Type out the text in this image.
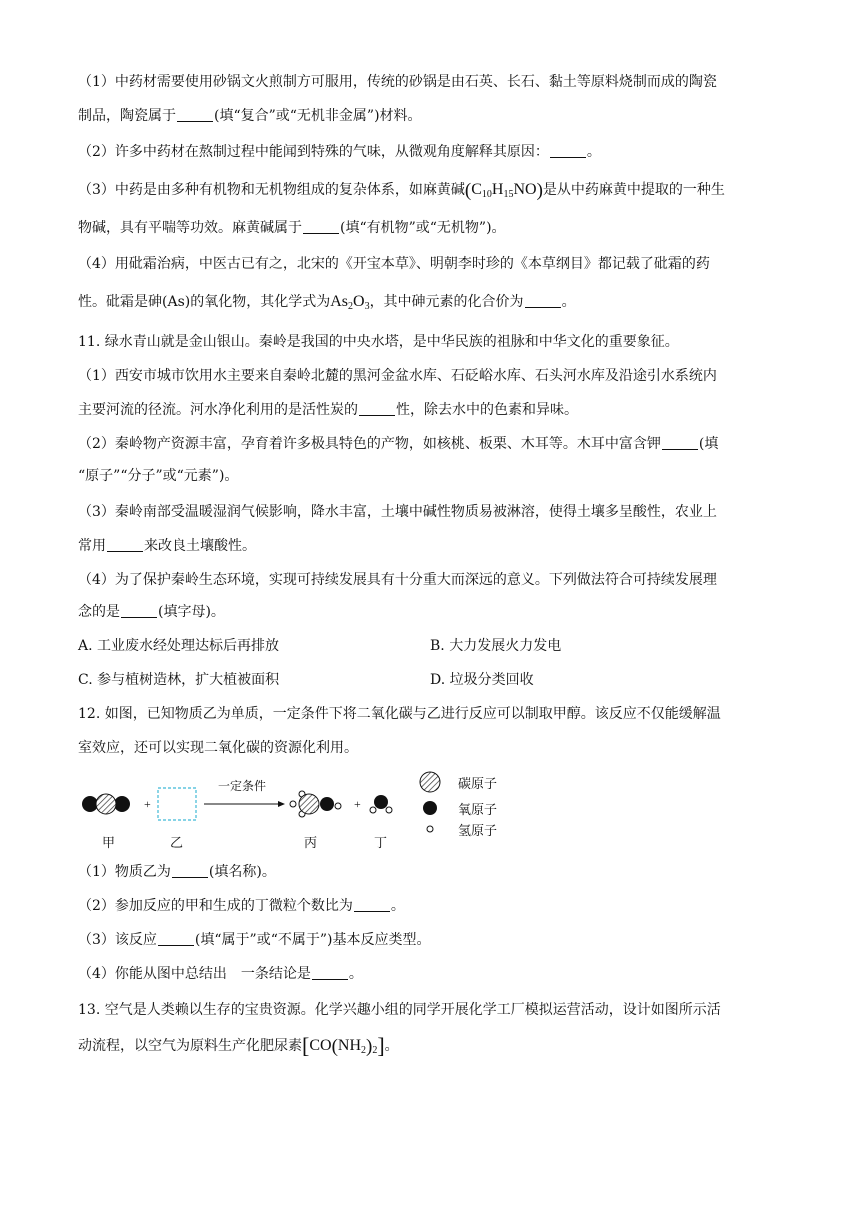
（1）中药材需要使用砂锅文火煎制方可服用，传统的砂锅是由石英、长石、黏土等原料烧制而成的陶瓷
制品，陶瓷属于	(填“复合”或“无机非金属”)材料。
（2）许多中药材在熬制过程中能闻到特殊的气味，从微观角度解释其原因：	。
（3）中药是由多种有机物和无机物组成的复杂体系，如麻黄碱$(C_{10}H_{15}NO)$是从中药麻黄中提取的一种生
物碱，具有平喘等功效。麻黄碱属于	(填“有机物”或“无机物”)。
（4）用砒霜治病，中医古已有之，北宋的《开宝本草》、明朝李时珍的《本草纲目》都记载了砒霜的药
性。砒霜是砷(As)的氧化物，其化学式为$As_2O_3$，其中砷元素的化合价为	。
11. 绿水青山就是金山银山。秦岭是我国的中央水塔，是中华民族的祖脉和中华文化的重要象征。
（1）西安市城市饮用水主要来自秦岭北麓的黑河金盆水库、石砭峪水库、石头河水库及沿途引水系统内
主要河流的径流。河水净化利用的是活性炭的	性，除去水中的色素和异味。
（2）秦岭物产资源丰富，孕育着许多极具特色的产物，如核桃、板栗、木耳等。木耳中富含钾	(填
“原子”“分子”或“元素”)。
（3）秦岭南部受温暖湿润气候影响，降水丰富，土壤中碱性物质易被淋溶，使得土壤多呈酸性，农业上
常用	来改良土壤酸性。
（4）为了保护秦岭生态环境，实现可持续发展具有十分重大而深远的意义。下列做法符合可持续发展理
念的是	(填字母)。
A. 工业废水经处理达标后再排放	B. 大力发展火力发电
C. 参与植树造林，扩大植被面积	D. 垃圾分类回收
12. 如图，已知物质乙为单质，一定条件下将二氧化碳与乙进行反应可以制取甲醇。该反应不仅能缓解温
室效应，还可以实现二氧化碳的资源化利用。
+
一定条件
+
甲	乙	丙	丁
碳原子
氧原子
氢原子
（1）物质乙为	(填名称)。
（2）参加反应的甲和生成的丁微粒个数比为	。
（3）该反应	(填“属于”或“不属于”)基本反应类型。
（4）你能从图中总结出　一条结论是	。
13. 空气是人类赖以生存的宝贵资源。化学兴趣小组的同学开展化学工厂模拟运营活动，设计如图所示活
动流程，以空气为原料生产化肥尿素$[CO(NH_2)_2]$。
